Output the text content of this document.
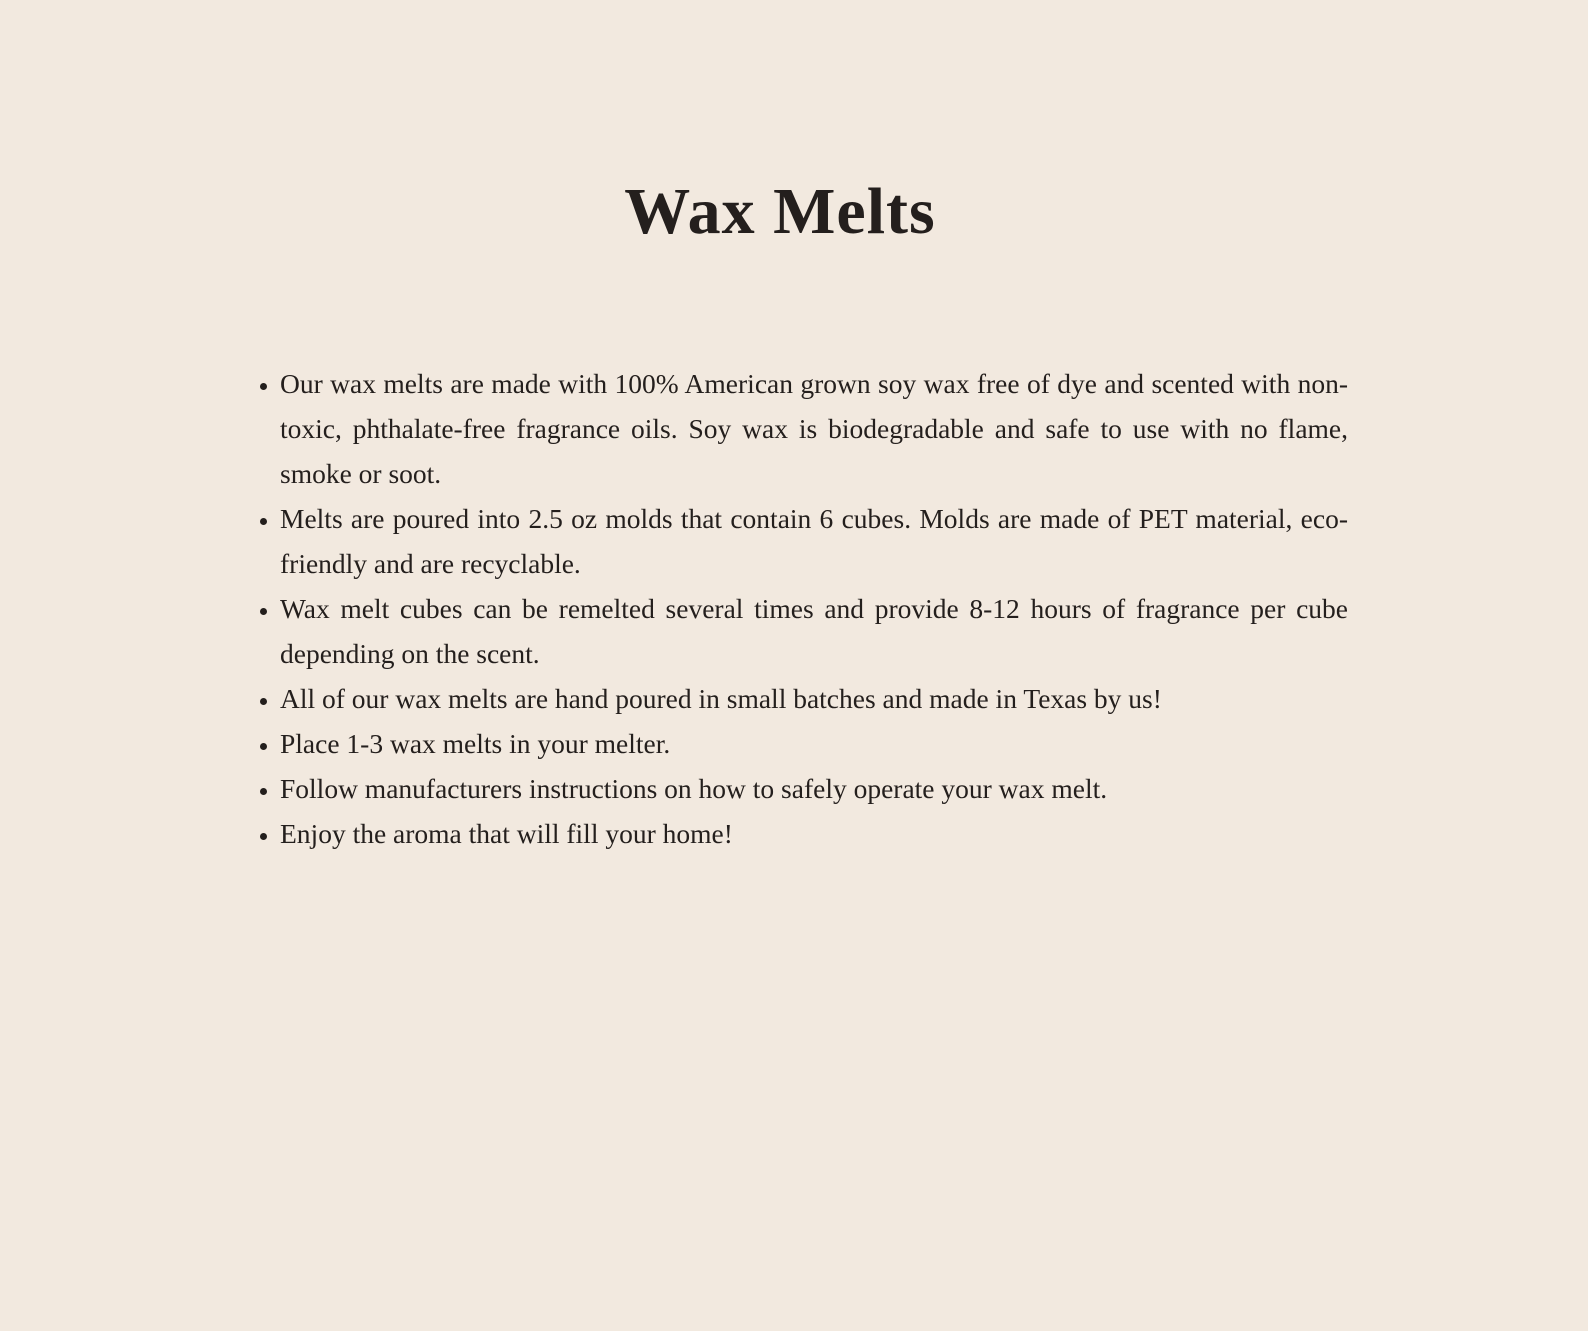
Wax Melts
• Our wax melts are made with 100% American grown soy wax free of dye and scented with non-toxic, phthalate-free fragrance oils. Soy wax is biodegradable and safe to use with no flame, smoke or soot.
• Melts are poured into 2.5 oz molds that contain 6 cubes. Molds are made of PET material, eco-friendly and are recyclable.
• Wax melt cubes can be remelted several times and provide 8-12 hours of fragrance per cube depending on the scent.
• All of our wax melts are hand poured in small batches and made in Texas by us!
• Place 1-3 wax melts in your melter.
• Follow manufacturers instructions on how to safely operate your wax melt.
• Enjoy the aroma that will fill your home!
